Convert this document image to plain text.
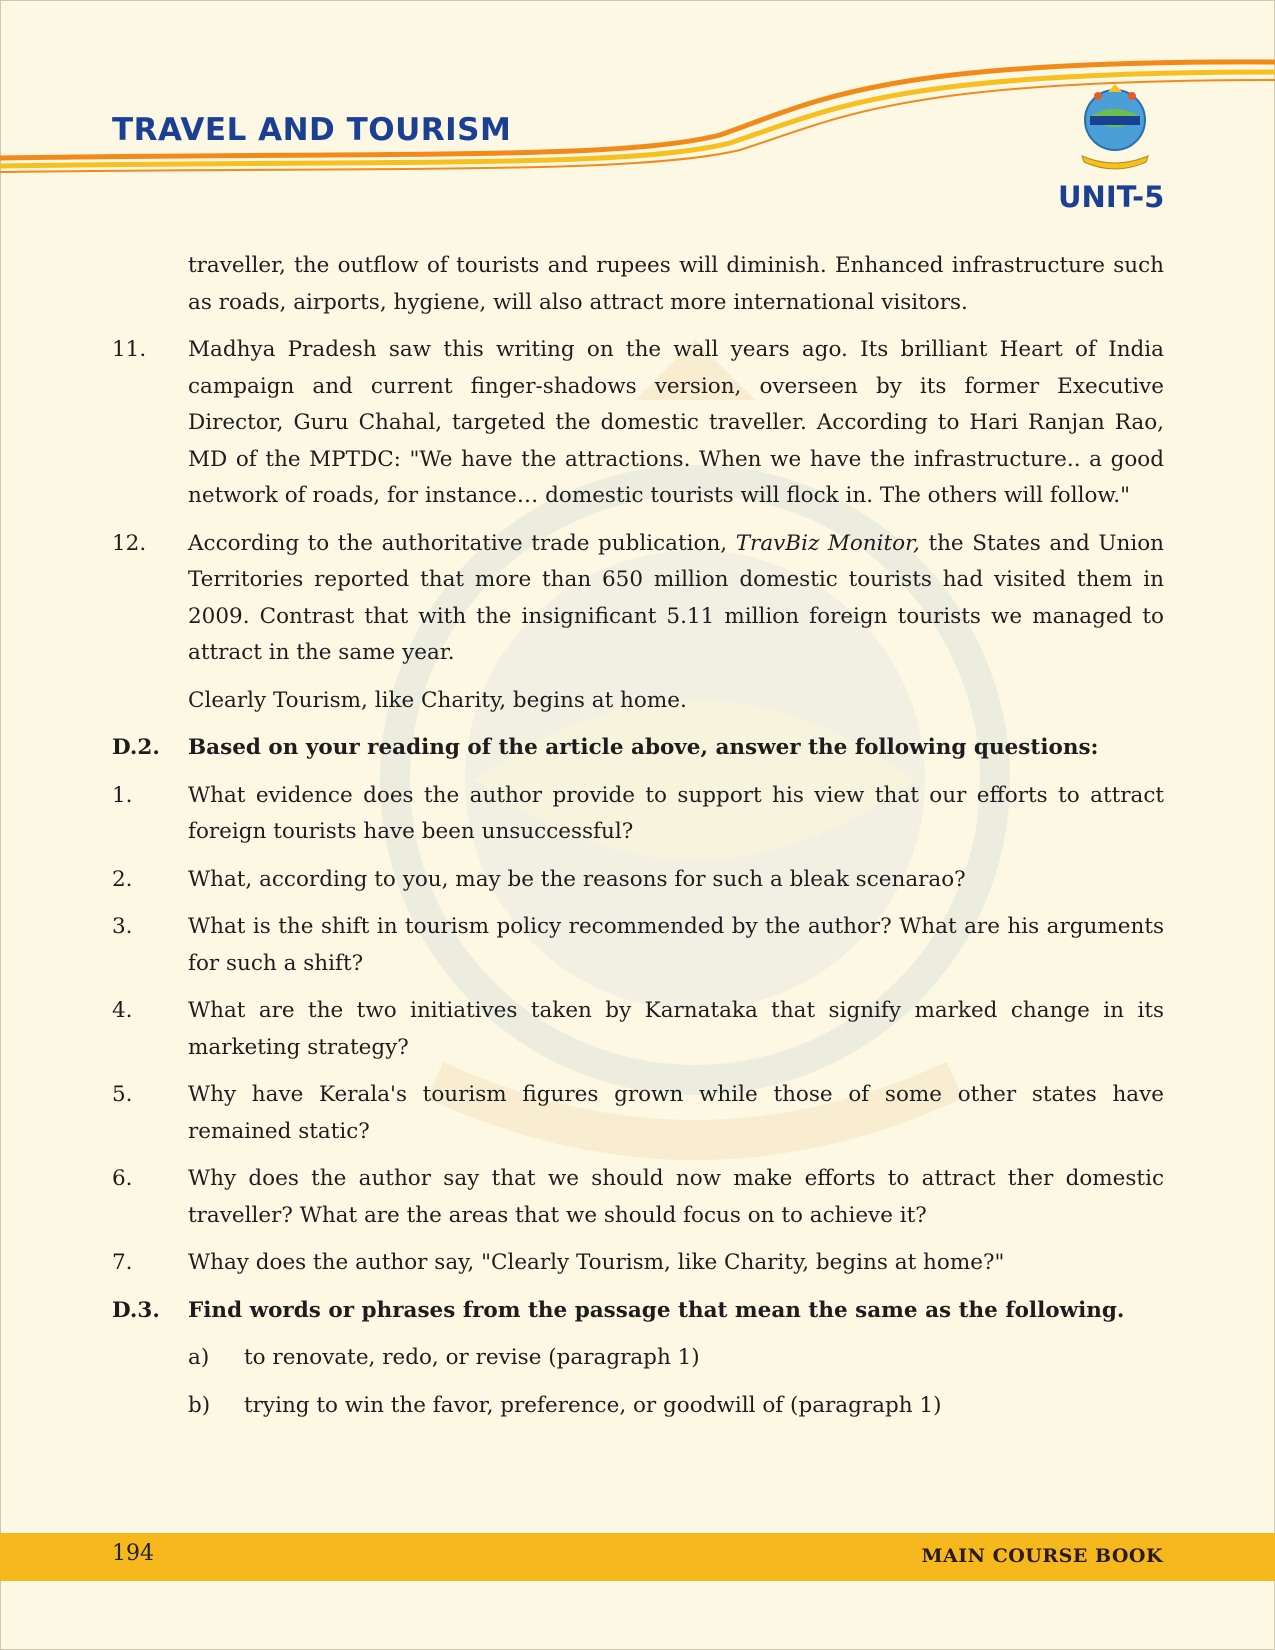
TRAVEL AND TOURISM
UNIT-5
traveller, the outflow of tourists and rupees will diminish. Enhanced infrastructure such as roads, airports, hygiene, will also attract more international visitors.
11.	Madhya Pradesh saw this writing on the wall years ago. Its brilliant Heart of India campaign and current finger-shadows version, overseen by its former Executive Director, Guru Chahal, targeted the domestic traveller. According to Hari Ranjan Rao, MD of the MPTDC: "We have the attractions. When we have the infrastructure.. a good network of roads, for instance… domestic tourists will flock in. The others will follow."
12.	According to the authoritative trade publication, TravBiz Monitor, the States and Union Territories reported that more than 650 million domestic tourists had visited them in 2009. Contrast that with the insignificant 5.11 million foreign tourists we managed to attract in the same year.
Clearly Tourism, like Charity, begins at home.
D.2.	Based on your reading of the article above, answer the following questions:
1.	What evidence does the author provide to support his view that our efforts to attract foreign tourists have been unsuccessful?
2.	What, according to you, may be the reasons for such a bleak scenarao?
3.	What is the shift in tourism policy recommended by the author? What are his arguments for such a shift?
4.	What are the two initiatives taken by Karnataka that signify marked change in its marketing strategy?
5.	Why have Kerala's tourism figures grown while those of some other states have remained static?
6.	Why does the author say that we should now make efforts to attract ther domestic traveller? What are the areas that we should focus on to achieve it?
7.	Whay does the author say, "Clearly Tourism, like Charity, begins at home?"
D.3.	Find words or phrases from the passage that mean the same as the following.
a)	to renovate, redo, or revise (paragraph 1)
b)	trying to win the favor, preference, or goodwill of (paragraph 1)
194	MAIN COURSE BOOK
